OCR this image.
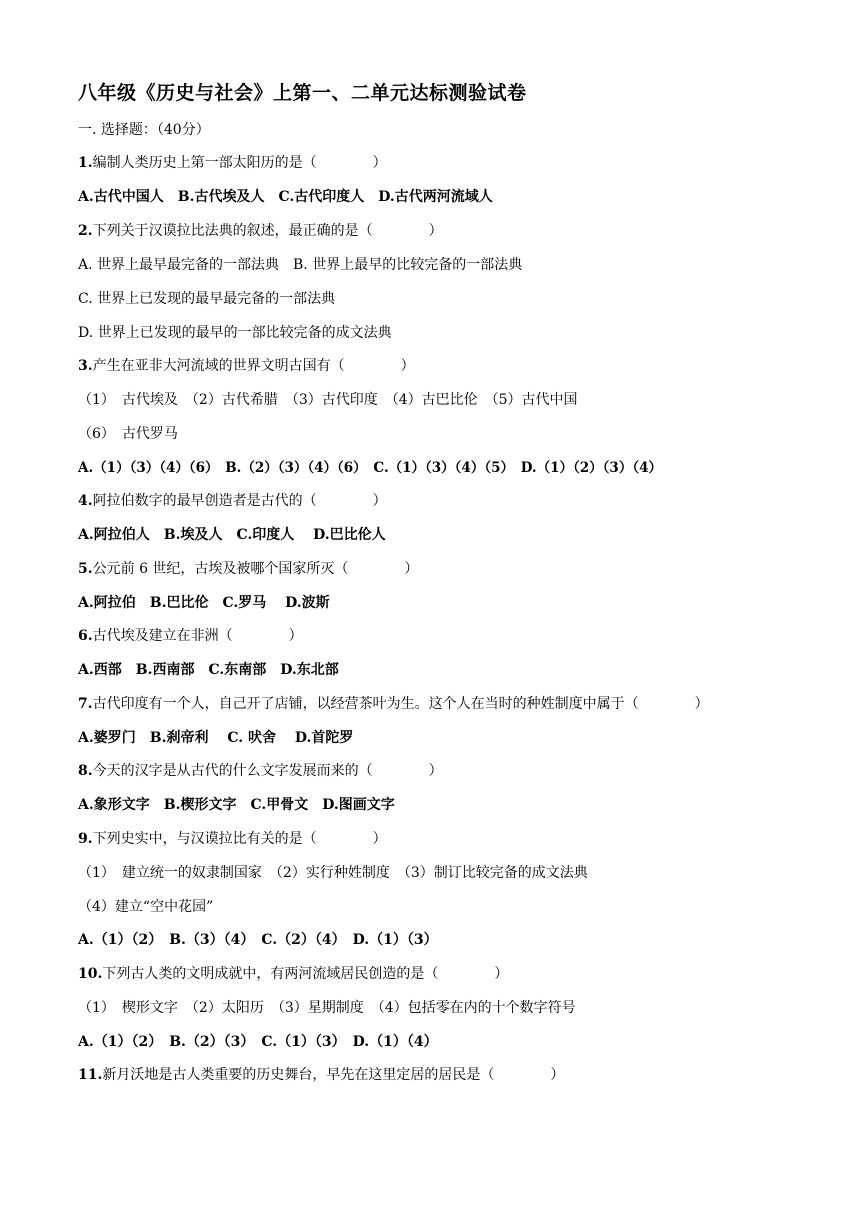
八年级《历史与社会》上第一、二单元达标测验试卷
一. 选择题：（40分）
1.编制人类历史上第一部太阳历的是（　　　　）
A.古代中国人　B.古代埃及人　C.古代印度人　D.古代两河流域人
2.下列关于汉谟拉比法典的叙述，最正确的是（　　　　）
A. 世界上最早最完备的一部法典　B. 世界上最早的比较完备的一部法典
C. 世界上已发现的最早最完备的一部法典
D. 世界上已发现的最早的一部比较完备的成文法典
3.产生在亚非大河流域的世界文明古国有（　　　　）
（1）　古代埃及　（2）古代希腊　（3）古代印度　（4）古巴比伦　（5）古代中国
（6）　古代罗马
A.（1）（3）（4）（6）　B.（2）（3）（4）（6）　C.（1）（3）（4）（5）　D.（1）（2）（3）（4）
4.阿拉伯数字的最早创造者是古代的（　　　　）
A.阿拉伯人　B.埃及人　C.印度人　 D.巴比伦人
5.公元前 6 世纪，古埃及被哪个国家所灭（　　　　）
A.阿拉伯　B.巴比伦　C.罗马　 D.波斯
6.古代埃及建立在非洲（　　　　）
A.西部　B.西南部　C.东南部　D.东北部
7.古代印度有一个人，自己开了店铺，以经营茶叶为生。这个人在当时的种姓制度中属于（　　　　）
A.婆罗门　B.刹帝利　 C. 吠舍　 D.首陀罗
8.今天的汉字是从古代的什么文字发展而来的（　　　　）
A.象形文字　B.楔形文字　C.甲骨文　D.图画文字
9.下列史实中，与汉谟拉比有关的是（　　　　）
（1）　建立统一的奴隶制国家　（2）实行种姓制度　（3）制订比较完备的成文法典
（4）建立“空中花园”
A.（1）（2）　B.（3）（4）　C.（2）（4）　D.（1）（3）
10.下列古人类的文明成就中，有两河流域居民创造的是（　　　　）
（1）　楔形文字　（2）太阳历　（3）星期制度　（4）包括零在内的十个数字符号
A.（1）（2）　B.（2）（3）　C.（1）（3）　D.（1）（4）
11.新月沃地是古人类重要的历史舞台，早先在这里定居的居民是（　　　　）
